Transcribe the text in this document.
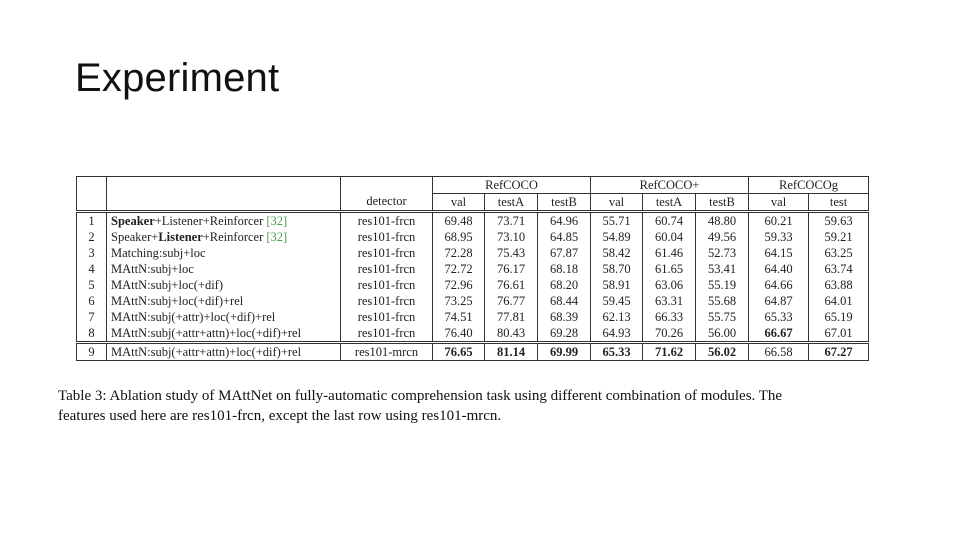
Experiment
			RefCOCO			RefCOCO+			RefCOCOg	
		detector	val	testA	testB	val	testA	testB	val	test
1	Speaker+Listener+Reinforcer [32]	res101-frcn	69.48	73.71	64.96	55.71	60.74	48.80	60.21	59.63
2	Speaker+Listener+Reinforcer [32]	res101-frcn	68.95	73.10	64.85	54.89	60.04	49.56	59.33	59.21
3	Matching:subj+loc	res101-frcn	72.28	75.43	67.87	58.42	61.46	52.73	64.15	63.25
4	MAttN:subj+loc	res101-frcn	72.72	76.17	68.18	58.70	61.65	53.41	64.40	63.74
5	MAttN:subj+loc(+dif)	res101-frcn	72.96	76.61	68.20	58.91	63.06	55.19	64.66	63.88
6	MAttN:subj+loc(+dif)+rel	res101-frcn	73.25	76.77	68.44	59.45	63.31	55.68	64.87	64.01
7	MAttN:subj(+attr)+loc(+dif)+rel	res101-frcn	74.51	77.81	68.39	62.13	66.33	55.75	65.33	65.19
8	MAttN:subj(+attr+attn)+loc(+dif)+rel	res101-frcn	76.40	80.43	69.28	64.93	70.26	56.00	66.67	67.01
9	MAttN:subj(+attr+attn)+loc(+dif)+rel	res101-mrcn	76.65	81.14	69.99	65.33	71.62	56.02	66.58	67.27
Table 3: Ablation study of MAttNet on fully-automatic comprehension task using different combination of modules. The
features used here are res101-frcn, except the last row using res101-mrcn.
